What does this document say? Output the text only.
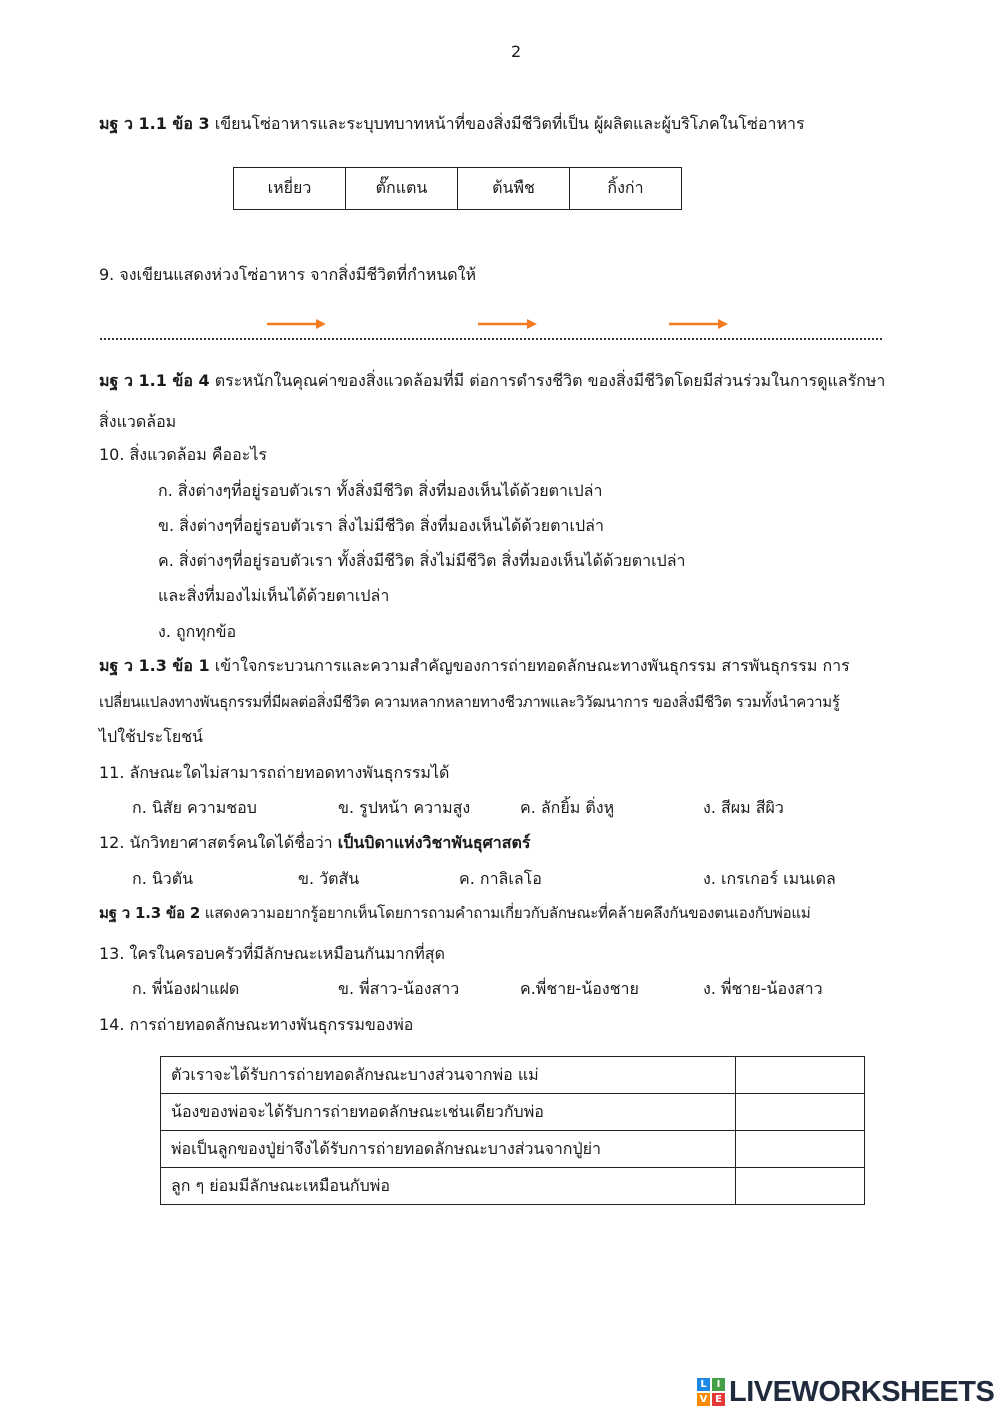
2
มฐ ว 1.1 ข้อ 3 เขียนโซ่อาหารและระบุบทบาทหน้าที่ของสิ่งมีชีวิตที่เป็น ผู้ผลิตและผู้บริโภคในโซ่อาหาร
เหยี่ยว	ตั๊กแตน	ต้นพืช	กิ้งก่า
9. จงเขียนแสดงห่วงโซ่อาหาร จากสิ่งมีชีวิตที่กำหนดให้
มฐ ว 1.1 ข้อ 4 ตระหนักในคุณค่าของสิ่งแวดล้อมที่มี ต่อการดำรงชีวิต ของสิ่งมีชีวิตโดยมีส่วนร่วมในการดูแลรักษา
สิ่งแวดล้อม
10. สิ่งแวดล้อม คืออะไร
ก. สิ่งต่างๆที่อยู่รอบตัวเรา ทั้งสิ่งมีชีวิต สิ่งที่มองเห็นได้ด้วยตาเปล่า
ข. สิ่งต่างๆที่อยู่รอบตัวเรา สิ่งไม่มีชีวิต สิ่งที่มองเห็นได้ด้วยตาเปล่า
ค. สิ่งต่างๆที่อยู่รอบตัวเรา ทั้งสิ่งมีชีวิต สิ่งไม่มีชีวิต สิ่งที่มองเห็นได้ด้วยตาเปล่า
และสิ่งที่มองไม่เห็นได้ด้วยตาเปล่า
ง. ถูกทุกข้อ
มฐ ว 1.3 ข้อ 1 เข้าใจกระบวนการและความสำคัญของการถ่ายทอดลักษณะทางพันธุกรรม สารพันธุกรรม การ
เปลี่ยนแปลงทางพันธุกรรมที่มีผลต่อสิ่งมีชีวิต ความหลากหลายทางชีวภาพและวิวัฒนาการ ของสิ่งมีชีวิต รวมทั้งนำความรู้
ไปใช้ประโยชน์
11. ลักษณะใดไม่สามารถถ่ายทอดทางพันธุกรรมได้
ก. นิสัย ความชอบ	ข. รูปหน้า ความสูง	ค. ลักยิ้ม ติ่งหู	ง. สีผม สีผิว
12. นักวิทยาศาสตร์คนใดได้ชื่อว่า เป็นบิดาแห่งวิชาพันธุศาสตร์
ก. นิวตัน	ข. วัตสัน	ค. กาลิเลโอ	ง. เกรเกอร์ เมนเดล
มฐ ว 1.3 ข้อ 2 แสดงความอยากรู้อยากเห็นโดยการถามคำถามเกี่ยวกับลักษณะที่คล้ายคลึงกันของตนเองกับพ่อแม่
13. ใครในครอบครัวที่มีลักษณะเหมือนกันมากที่สุด
ก. พี่น้องฝาแฝด	ข. พี่สาว-น้องสาว	ค.พี่ชาย-น้องชาย	ง. พี่ชาย-น้องสาว
14. การถ่ายทอดลักษณะทางพันธุกรรมของพ่อ
ตัวเราจะได้รับการถ่ายทอดลักษณะบางส่วนจากพ่อ แม่	
น้องของพ่อจะได้รับการถ่ายทอดลักษณะเช่นเดียวกับพ่อ	
พ่อเป็นลูกของปู่ย่าจึงได้รับการถ่ายทอดลักษณะบางส่วนจากปู่ย่า	
ลูก ๆ ย่อมมีลักษณะเหมือนกับพ่อ	
L I
V E LIVEWORKSHEETS
